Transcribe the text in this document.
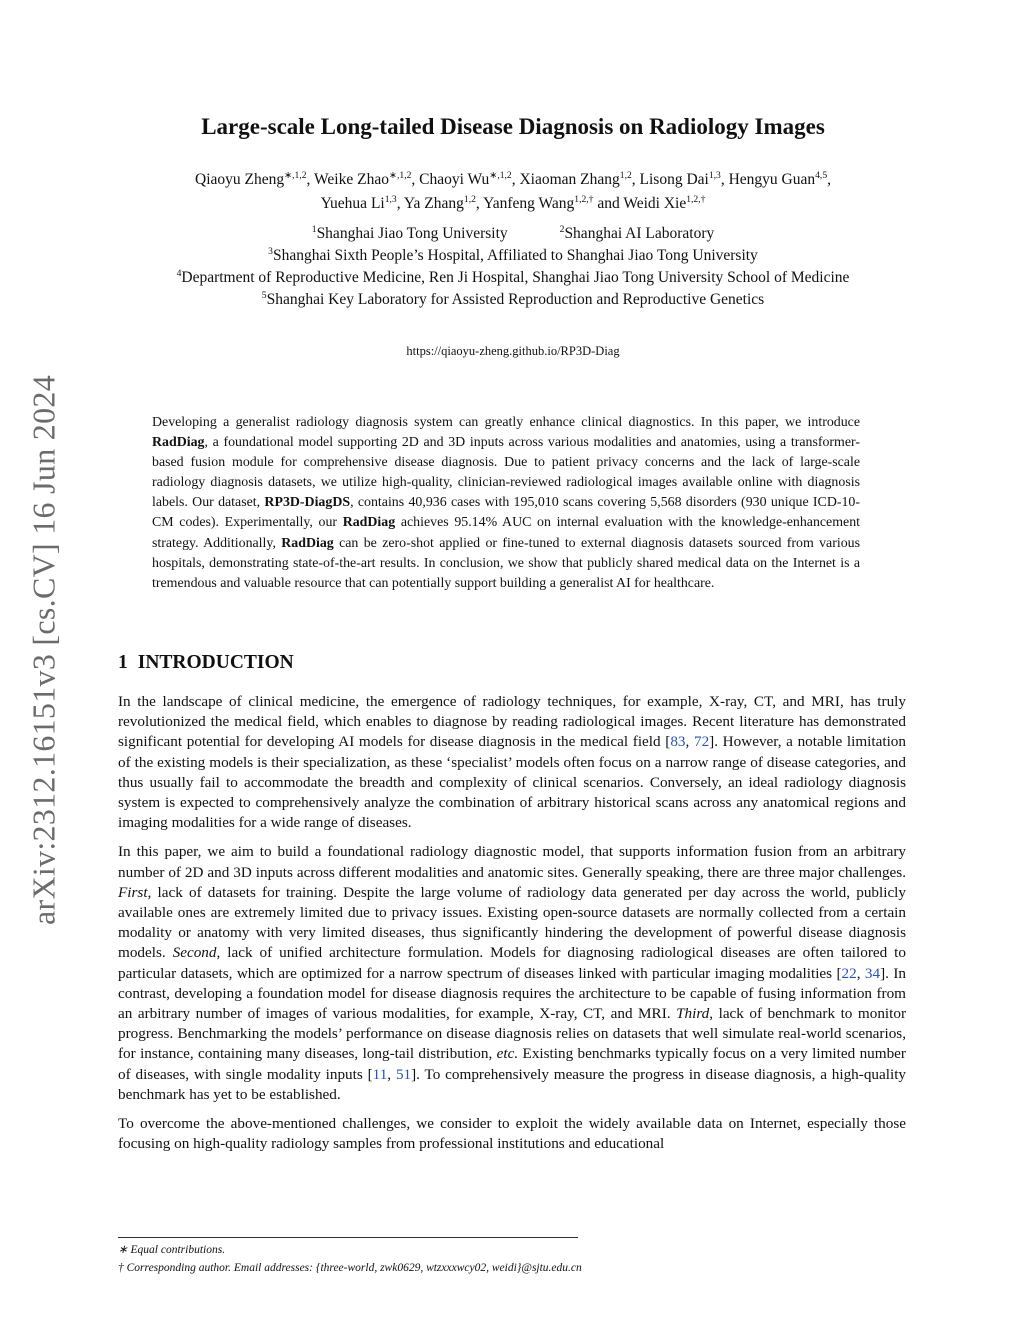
arXiv:2312.16151v3 [cs.CV] 16 Jun 2024
Large-scale Long-tailed Disease Diagnosis on Radiology Images
Qiaoyu Zheng$^{∗,1,2}$, Weike Zhao$^{∗,1,2}$, Chaoyi $Wu^{∗,1,2}$, Xiaoman Zhang$^{1,2}$, Lisong Dai$^{1,3}$, Hengyu Guan$^{4,5}$,
Yuehua Li$^{1,3}$, Ya Zhang$^{1,2}$, Yanfeng Wang$^{1,2,\dagger}$ and Weidi Xie$^{1,2,\dagger}$
$^1$Shanghai Jiao Tong University	$^2$Shanghai AI Laboratory
$^3$Shanghai Sixth People’s Hospital, Affiliated to Shanghai Jiao Tong University
$^4$Department of Reproductive Medicine, Ren Ji Hospital, Shanghai Jiao Tong University School of Medicine
$^5$Shanghai Key Laboratory for Assisted Reproduction and Reproductive Genetics
https://qiaoyu-zheng.github.io/RP3D-Diag
Developing a generalist radiology diagnosis system can greatly enhance clinical diagnostics. In this paper, we introduce RadDiag, a foundational model supporting 2D and 3D inputs across various modalities and anatomies, using a transformer-based fusion module for comprehensive disease diagnosis. Due to patient privacy concerns and the lack of large-scale radiology diagnosis datasets, we utilize high-quality, clinician-reviewed radiological images available online with diagnosis labels. Our dataset, RP3D-DiagDS, contains 40,936 cases with 195,010 scans covering 5,568 disorders (930 unique ICD-10-CM codes). Experimentally, our RadDiag achieves 95.14% AUC on internal evaluation with the knowledge-enhancement strategy. Additionally, RadDiag can be zero-shot applied or fine-tuned to external diagnosis datasets sourced from various hospitals, demonstrating state-of-the-art results. In conclusion, we show that publicly shared medical data on the Internet is a tremendous and valuable resource that can potentially support building a generalist AI for healthcare.
1 INTRODUCTION

In the landscape of clinical medicine, the emergence of radiology techniques, for example, X-ray, CT, and MRI, has truly revolutionized the medical field, which enables to diagnose by reading radiological images. Recent literature has demonstrated significant potential for developing AI models for disease diagnosis in the medical field [83, 72]. However, a notable limitation of the existing models is their specialization, as these ‘specialist’ models often focus on a narrow range of disease categories, and thus usually fail to accommodate the breadth and complexity of clinical scenarios. Conversely, an ideal radiology diagnosis system is expected to comprehensively analyze the combination of arbitrary historical scans across any anatomical regions and imaging modalities for a wide range of diseases.

In this paper, we aim to build a foundational radiology diagnostic model, that supports information fusion from an arbitrary number of 2D and 3D inputs across different modalities and anatomic sites. Generally speaking, there are three major challenges. First, lack of datasets for training. Despite the large volume of radiology data generated per day across the world, publicly available ones are extremely limited due to privacy issues. Existing open-source datasets are normally collected from a certain modality or anatomy with very limited diseases, thus significantly hindering the development of powerful disease diagnosis models. Second, lack of unified architecture formulation. Models for diagnosing radiological diseases are often tailored to particular datasets, which are optimized for a narrow spectrum of diseases linked with particular imaging modalities [22, 34]. In contrast, developing a foundation model for disease diagnosis requires the architecture to be capable of fusing information from an arbitrary number of images of various modalities, for example, X-ray, CT, and MRI. Third, lack of benchmark to monitor progress. Benchmarking the models’ performance on disease diagnosis relies on datasets that well simulate real-world scenarios, for instance, containing many diseases, long-tail distribution, etc. Existing benchmarks typically focus on a very limited number of diseases, with single modality inputs [11, 51]. To comprehensively measure the progress in disease diagnosis, a high-quality benchmark has yet to be established.

To overcome the above-mentioned challenges, we consider to exploit the widely available data on Internet, especially those focusing on high-quality radiology samples from professional institutions and educational

∗ Equal contributions.
† Corresponding author. Email addresses: {three-world, zwk0629, wtzxxxwcy02, weidi}@sjtu.edu.cn
